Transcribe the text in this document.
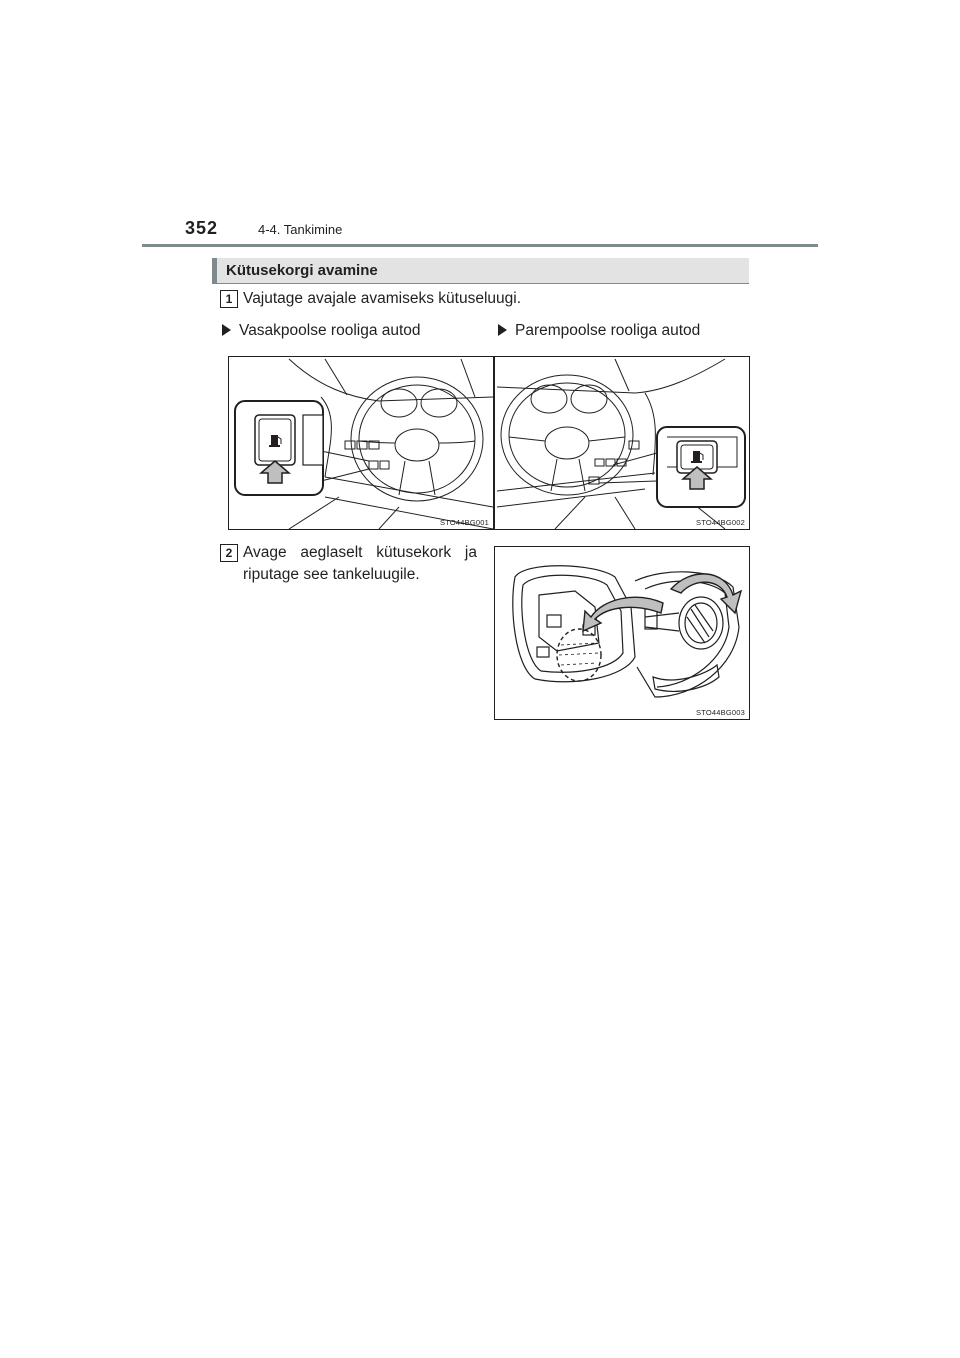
352	4-4. Tankimine
Kütusekorgi avamine
1 Vajutage avajale avamiseks kütuseluugi.
Vasakpoolse rooliga autod	Parempoolse rooliga autod
STO44BG001	STO44BG002
2 Avage aeglaselt kütusekork ja
riputage see tankeluugile.
STO44BG003
